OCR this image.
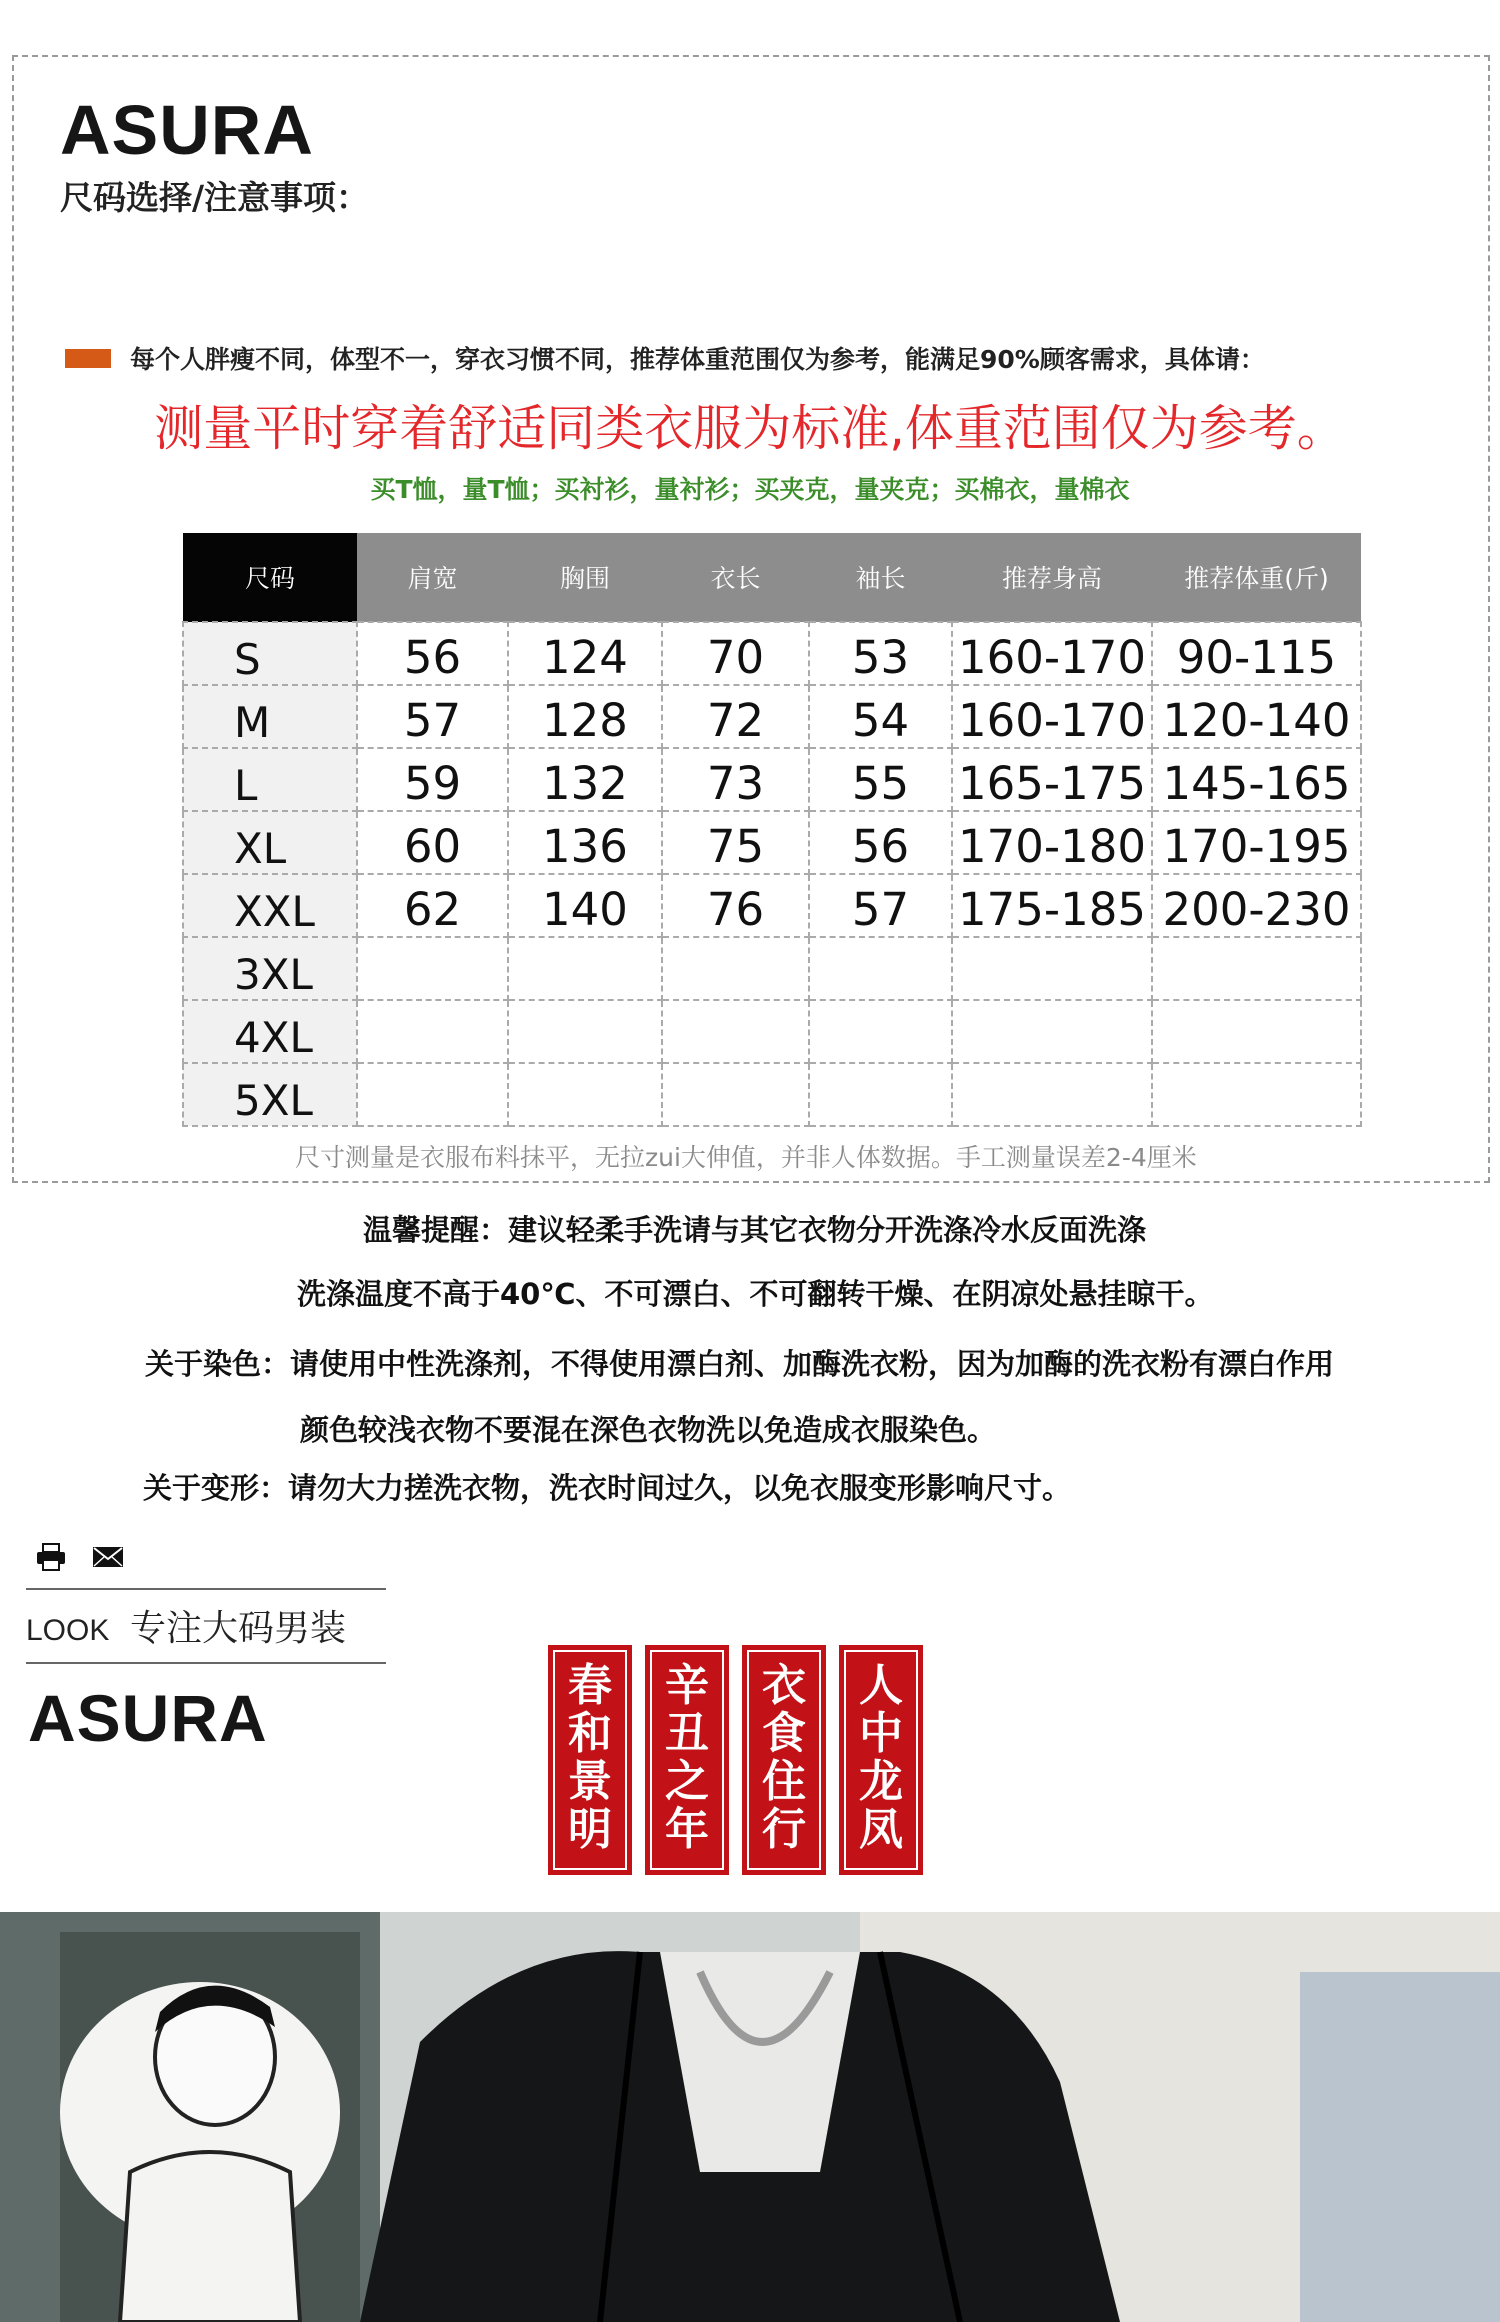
ASURA
尺码选择/注意事项：
每个人胖瘦不同，体型不一，穿衣习惯不同，推荐体重范围仅为参考，能满足90%顾客需求，具体请：
测量平时穿着舒适同类衣服为标准,体重范围仅为参考。
买T恤，量T恤；买衬衫，量衬衫；买夹克，量夹克；买棉衣，量棉衣
尺码	肩宽	胸围	衣长	袖长	推荐身高	推荐体重(斤)
S	56	124	70	53	160-170	90-115
M	57	128	72	54	160-170	120-140
L	59	132	73	55	165-175	145-165
XL	60	136	75	56	170-180	170-195
XXL	62	140	76	57	175-185	200-230
3XL						
4XL						
5XL						
尺寸测量是衣服布料抹平，无拉zui大伸值，并非人体数据。手工测量误差2-4厘米
温馨提醒：建议轻柔手洗请与其它衣物分开洗涤冷水反面洗涤
洗涤温度不高于40℃、不可漂白、不可翻转干燥、在阴凉处悬挂晾干。
关于染色：请使用中性洗涤剂，不得使用漂白剂、加酶洗衣粉，因为加酶的洗衣粉有漂白作用
颜色较浅衣物不要混在深色衣物洗以免造成衣服染色。
关于变形：请勿大力搓洗衣物，洗衣时间过久，以免衣服变形影响尺寸。
LOOK 专注大码男装
ASURA	春和景明
辛丑之年
衣食住行
人中龙凤
